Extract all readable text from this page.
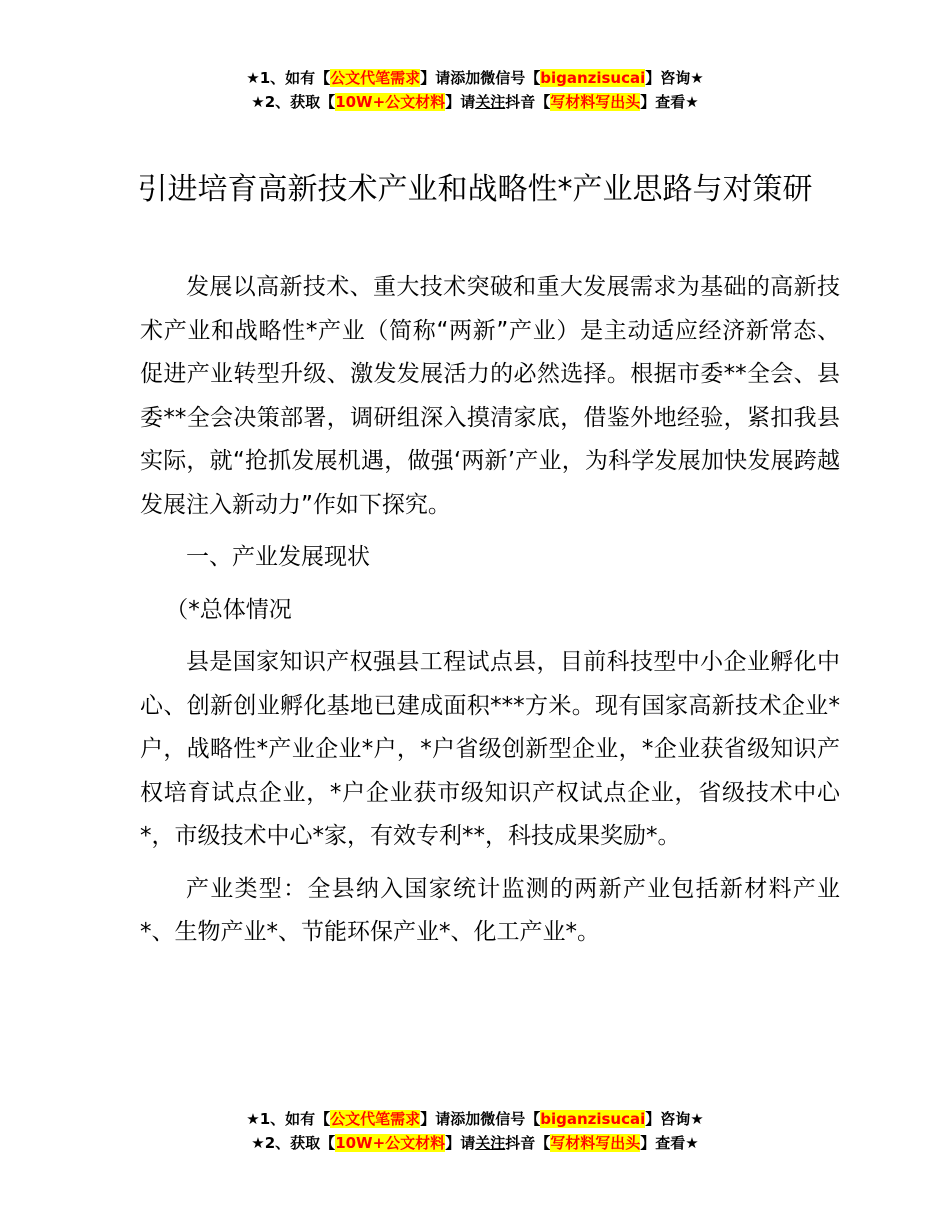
★1、如有【公文代笔需求】请添加微信号【biganzisucai】咨询★
★2、获取【10W+公文材料】请关注抖音【写材料写出头】查看★
引进培育高新技术产业和战略性*产业思路与对策研

发展以高新技术、重大技术突破和重大发展需求为基础的高新技术产业和战略性*产业（简称“两新”产业）是主动适应经济新常态、促进产业转型升级、激发发展活力的必然选择。根据市委**全会、县委**全会决策部署，调研组深入摸清家底，借鉴外地经验，紧扣我县实际，就“抢抓发展机遇，做强‘两新’产业，为科学发展加快发展跨越发展注入新动力”作如下探究。

一、产业发展现状

（*总体情况

县是国家知识产权强县工程试点县，目前科技型中小企业孵化中心、创新创业孵化基地已建成面积***方米。现有国家高新技术企业*户，战略性*产业企业*户，*户省级创新型企业，*企业获省级知识产权培育试点企业，*户企业获市级知识产权试点企业，省级技术中心*，市级技术中心*家，有效专利**，科技成果奖励*。

产业类型：全县纳入国家统计监测的两新产业包括新材料产业*、生物产业*、节能环保产业*、化工产业*。

★1、如有【公文代笔需求】请添加微信号【biganzisucai】咨询★
★2、获取【10W+公文材料】请关注抖音【写材料写出头】查看★
